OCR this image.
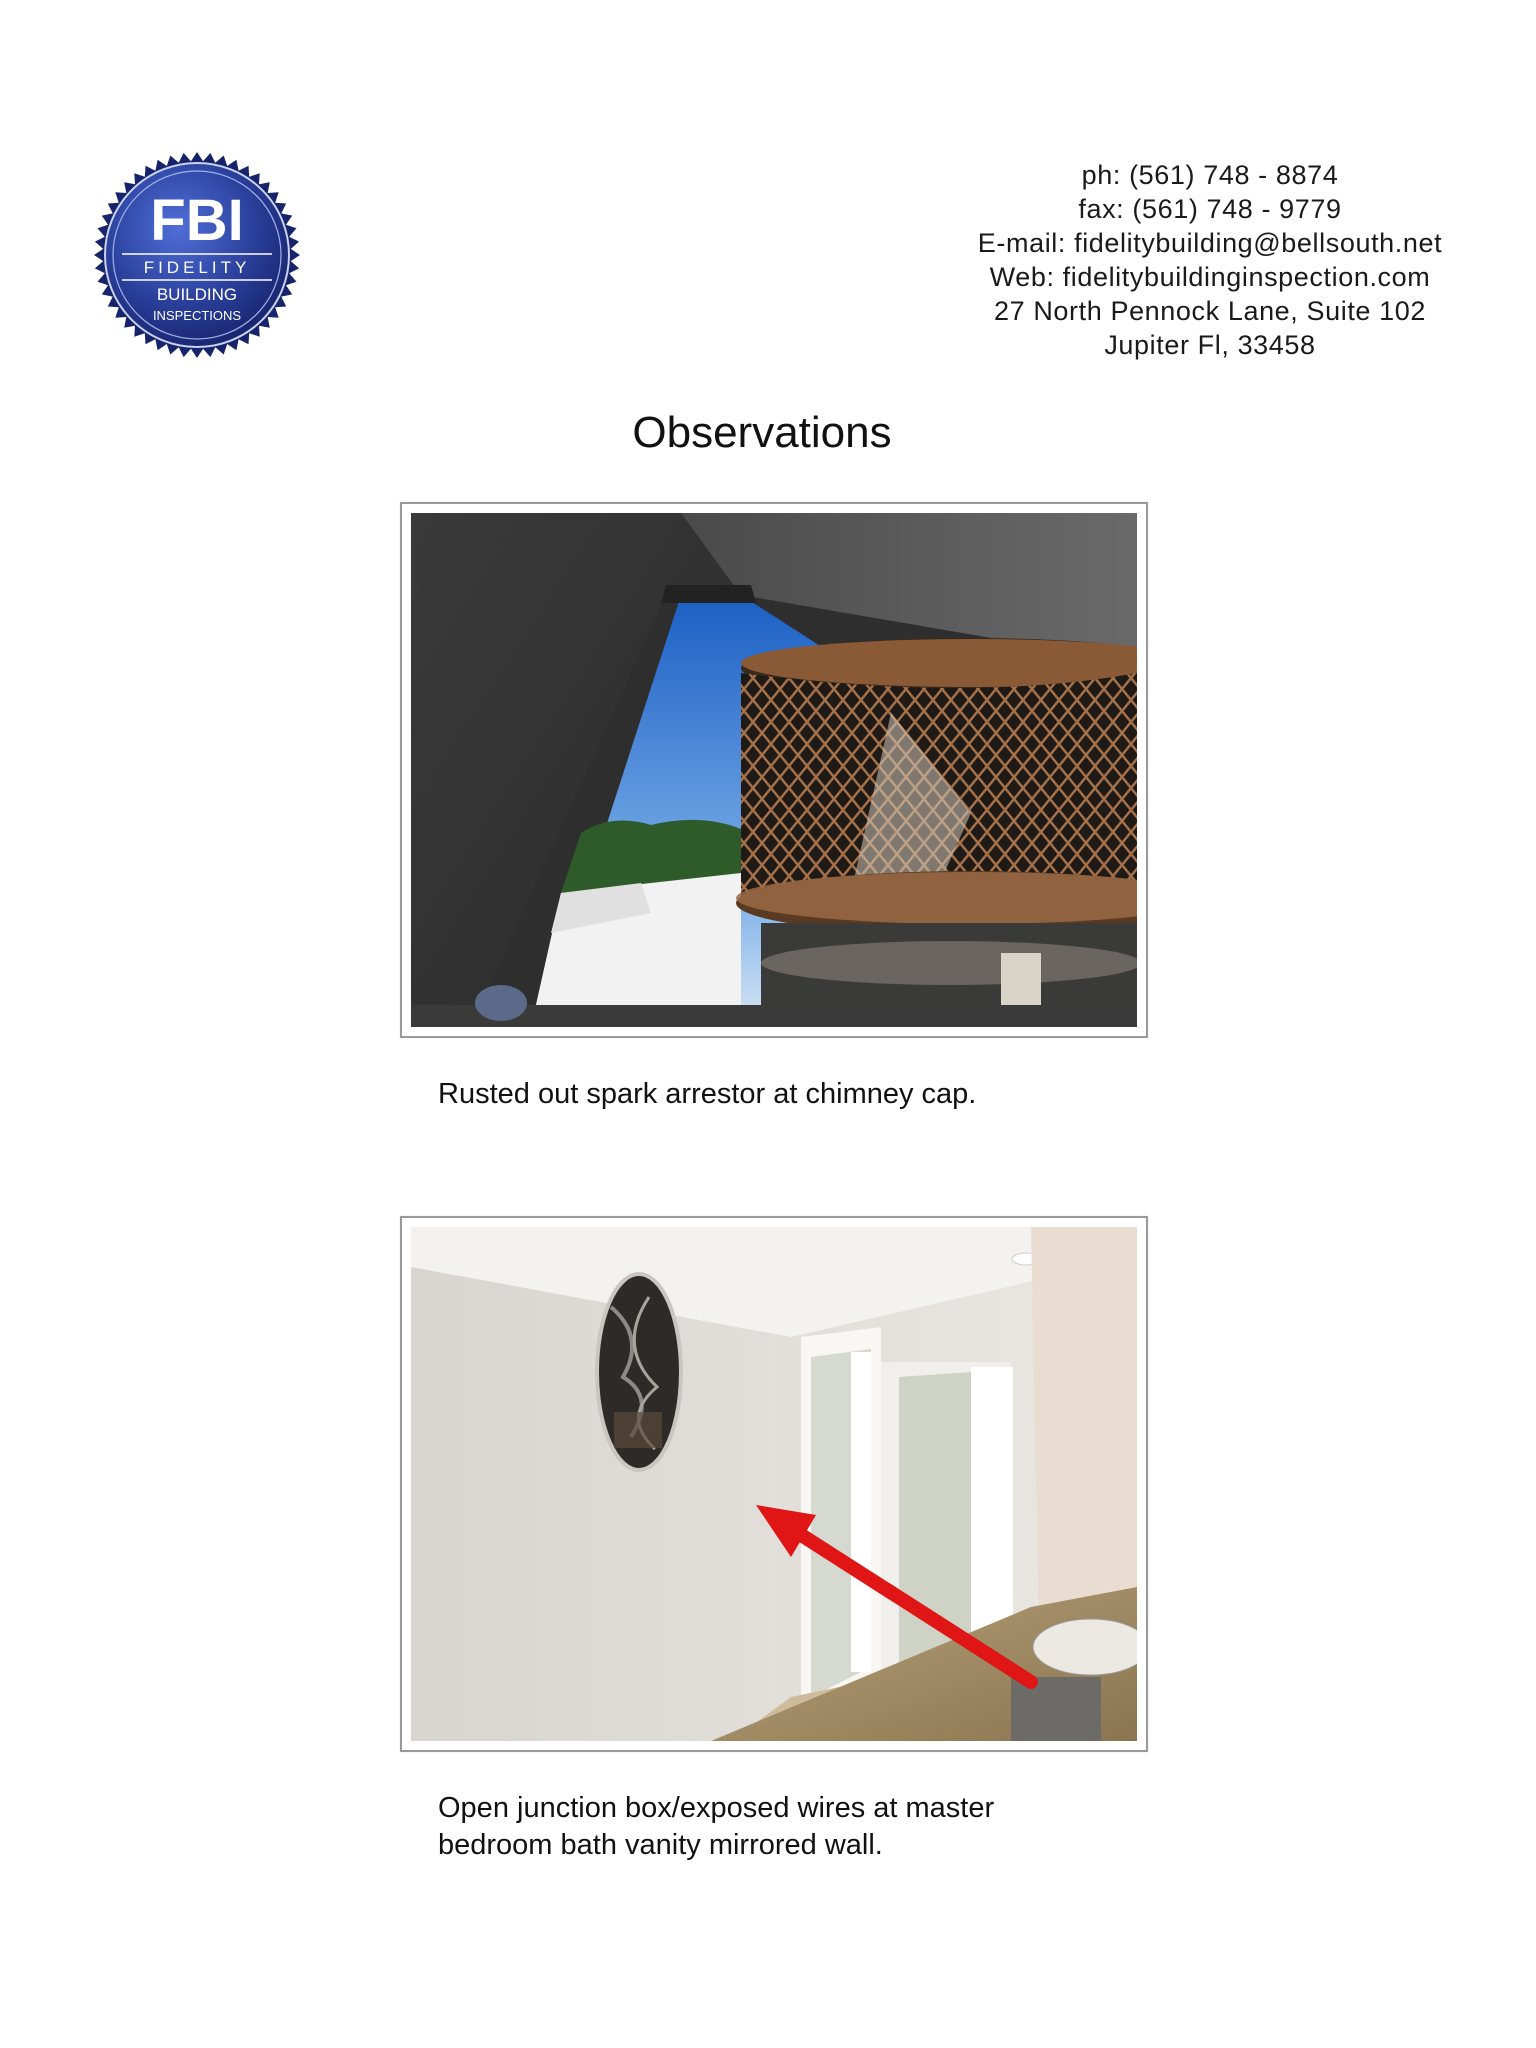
FBI
FIDELITY
BUILDING
INSPECTIONS
ph: (561) 748 - 8874
fax: (561) 748 - 9779
E-mail: fidelitybuilding@bellsouth.net
Web: fidelitybuildinginspection.com
27 North Pennock Lane, Suite 102
Jupiter Fl, 33458
Observations
Rusted out spark arrestor at chimney cap.
Open junction box/exposed wires at master
bedroom bath vanity mirrored wall.
